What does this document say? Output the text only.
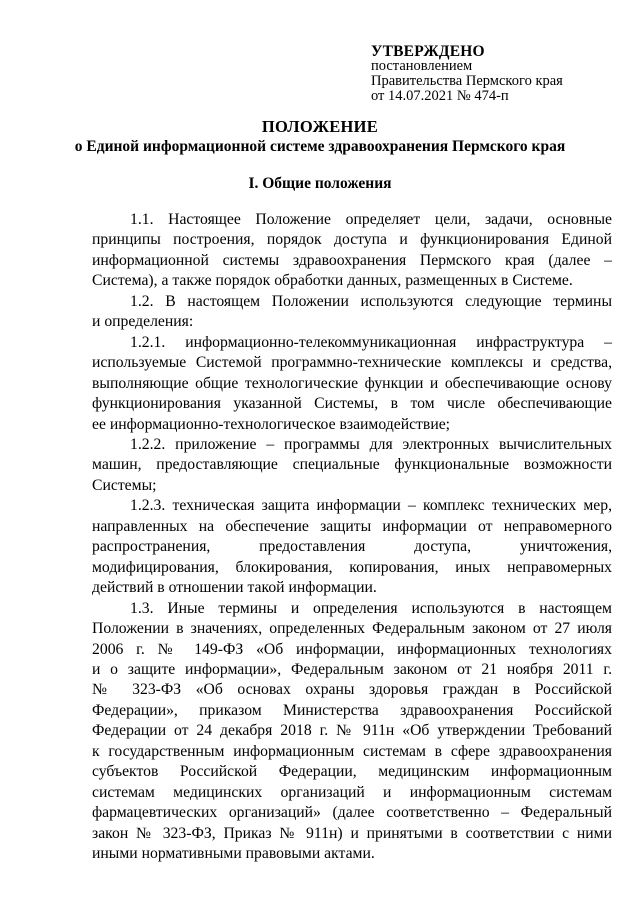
УТВЕРЖДЕНО
постановлением
Правительства Пермского края
от 14.07.2021 № 474-п
ПОЛОЖЕНИЕ
о Единой информационной системе здравоохранения Пермского края
I. Общие положения

1.1. Настоящее Положение определяет цели, задачи, основные
принципы построения, порядок доступа и функционирования Единой
информационной системы здравоохранения Пермского края (далее –
Система), а также порядок обработки данных, размещенных в Системе.

1.2. В настоящем Положении используются следующие термины
и определения:

1.2.1. информационно-телекоммуникационная инфраструктура –
используемые Системой программно-технические комплексы и средства,
выполняющие общие технологические функции и обеспечивающие основу
функционирования указанной Системы, в том числе обеспечивающие
ее информационно-технологическое взаимодействие;

1.2.2. приложение – программы для электронных вычислительных
машин, предоставляющие специальные функциональные возможности
Системы;

1.2.3. техническая защита информации – комплекс технических мер,
направленных на обеспечение защиты информации от неправомерного
распространения, предоставления доступа, уничтожения,
модифицирования, блокирования, копирования, иных неправомерных
действий в отношении такой информации.

1.3. Иные термины и определения используются в настоящем
Положении в значениях, определенных Федеральным законом от 27 июля
2006 г. № 149-ФЗ «Об информации, информационных технологиях
и о защите информации», Федеральным законом от 21 ноября 2011 г.
№ 323-ФЗ «Об основах охраны здоровья граждан в Российской
Федерации», приказом Министерства здравоохранения Российской
Федерации от 24 декабря 2018 г. № 911н «Об утверждении Требований
к государственным информационным системам в сфере здравоохранения
субъектов Российской Федерации, медицинским информационным
системам медицинских организаций и информационным системам
фармацевтических организаций» (далее соответственно – Федеральный
закон № 323-ФЗ, Приказ № 911н) и принятыми в соответствии с ними
иными нормативными правовыми актами.
